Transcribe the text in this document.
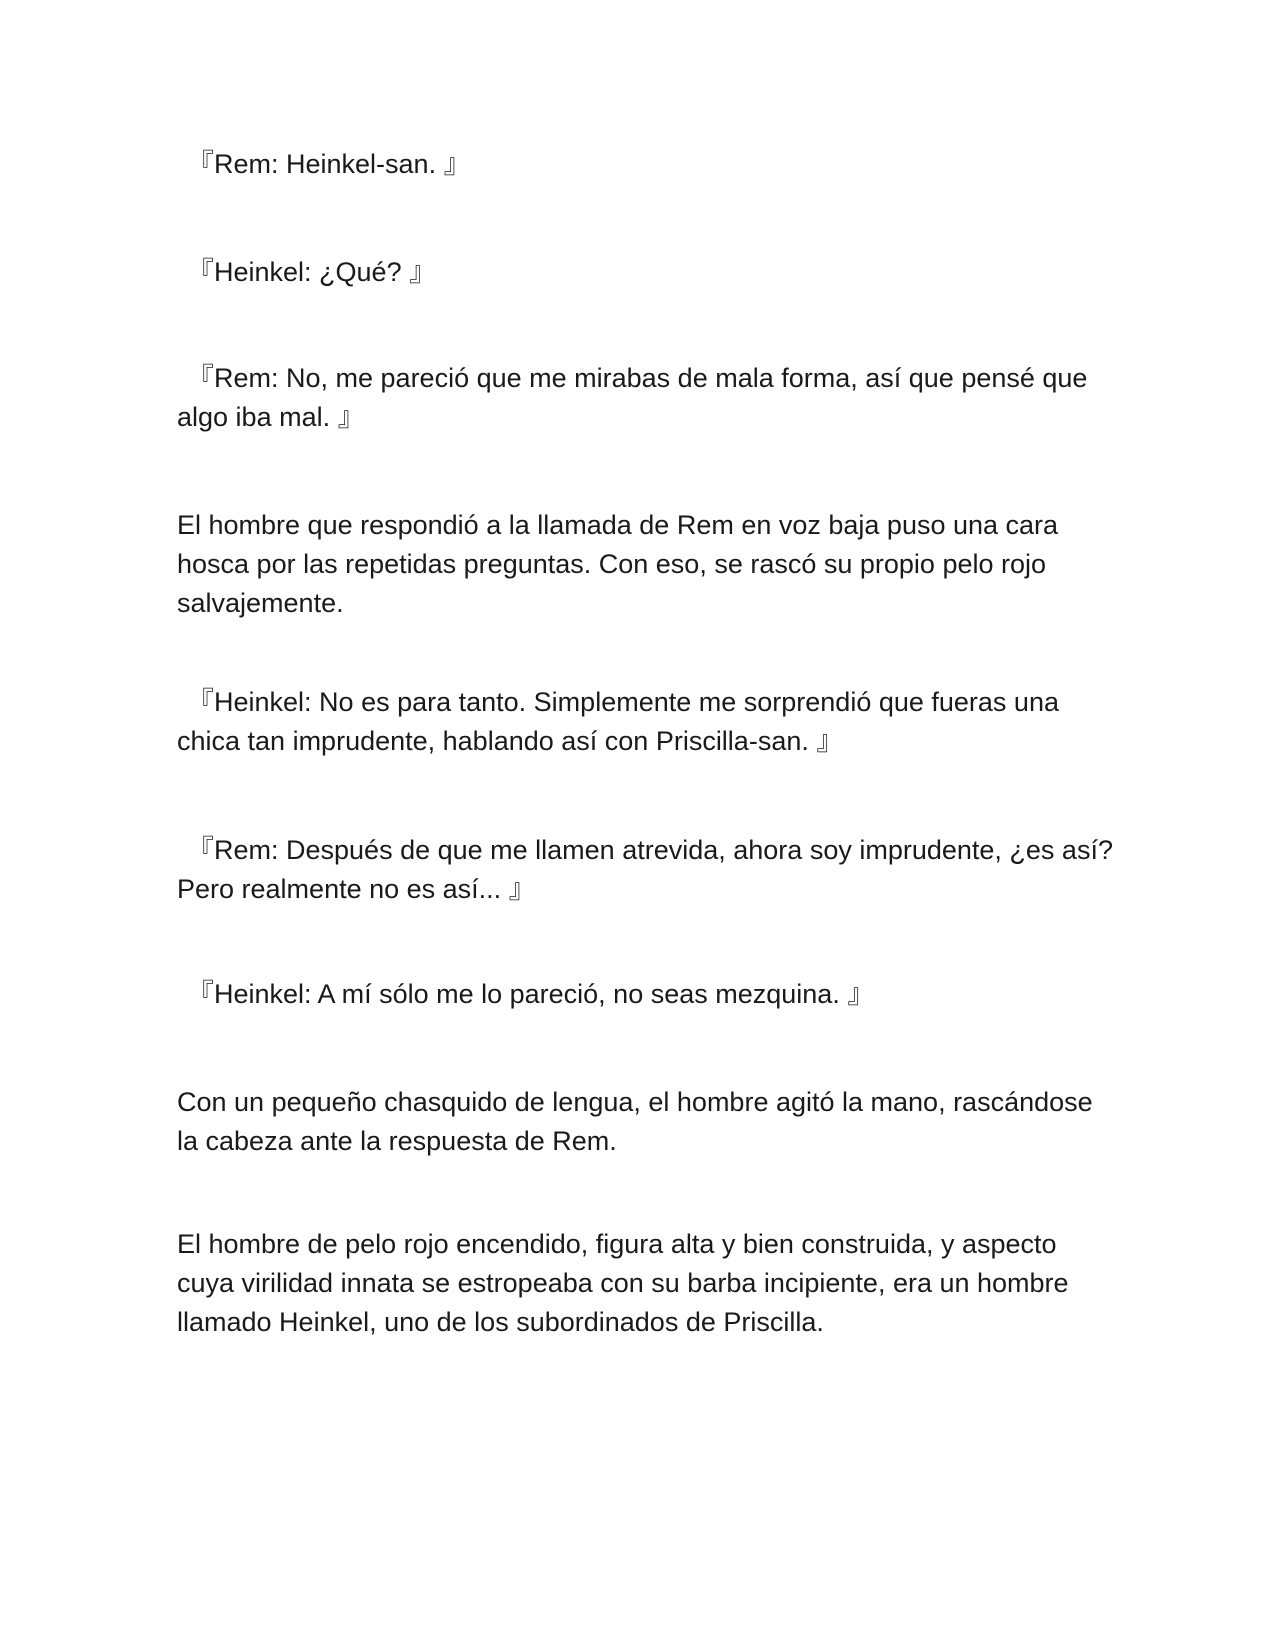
『Rem: Heinkel-san. 』

『Heinkel: ¿Qué? 』

『Rem: No, me pareció que me mirabas de mala forma, así que pensé que
algo iba mal. 』

El hombre que respondió a la llamada de Rem en voz baja puso una cara
hosca por las repetidas preguntas. Con eso, se rascó su propio pelo rojo
salvajemente.

『Heinkel: No es para tanto. Simplemente me sorprendió que fueras una
chica tan imprudente, hablando así con Priscilla-san. 』

『Rem: Después de que me llamen atrevida, ahora soy imprudente, ¿es así?
Pero realmente no es así... 』

『Heinkel: A mí sólo me lo pareció, no seas mezquina. 』

Con un pequeño chasquido de lengua, el hombre agitó la mano, rascándose
la cabeza ante la respuesta de Rem.

El hombre de pelo rojo encendido, figura alta y bien construida, y aspecto
cuya virilidad innata se estropeaba con su barba incipiente, era un hombre
llamado Heinkel, uno de los subordinados de Priscilla.
